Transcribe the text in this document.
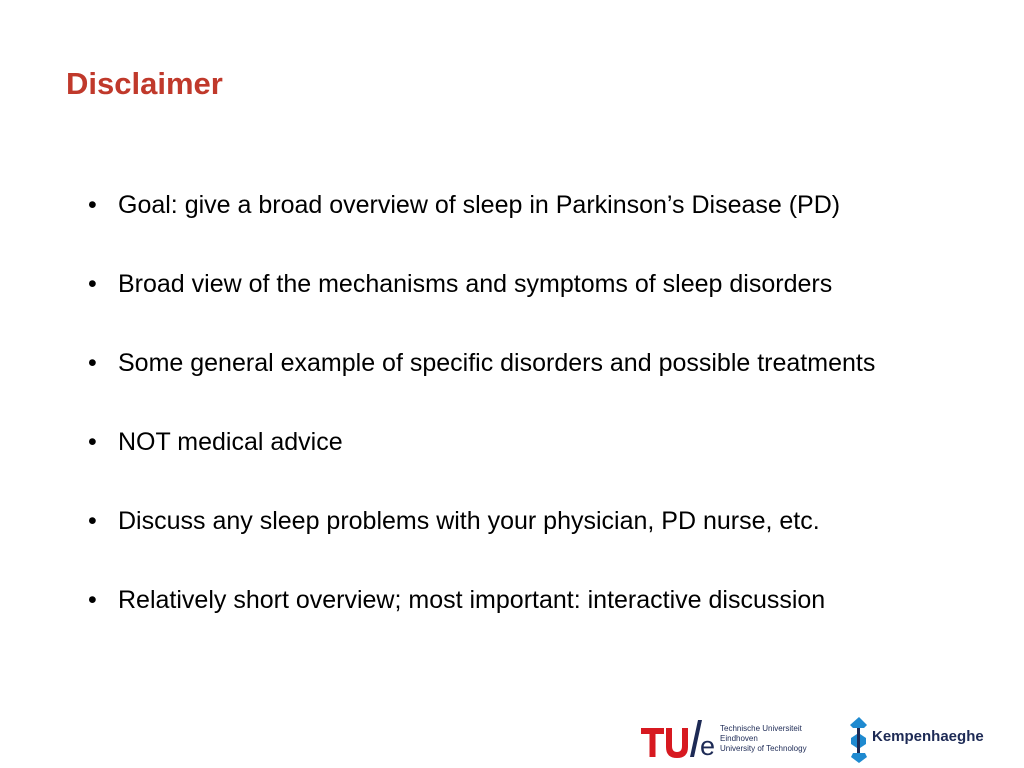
Disclaimer
• Goal: give a broad overview of sleep in Parkinson’s Disease (PD)
• Broad view of the mechanisms and symptoms of sleep disorders
• Some general example of specific disorders and possible treatments
• NOT medical advice
• Discuss any sleep problems with your physician, PD nurse, etc.
• Relatively short overview; most important: interactive discussion
e
Technische Universiteit
Eindhoven
University of Technology
Kempenhaeghe
